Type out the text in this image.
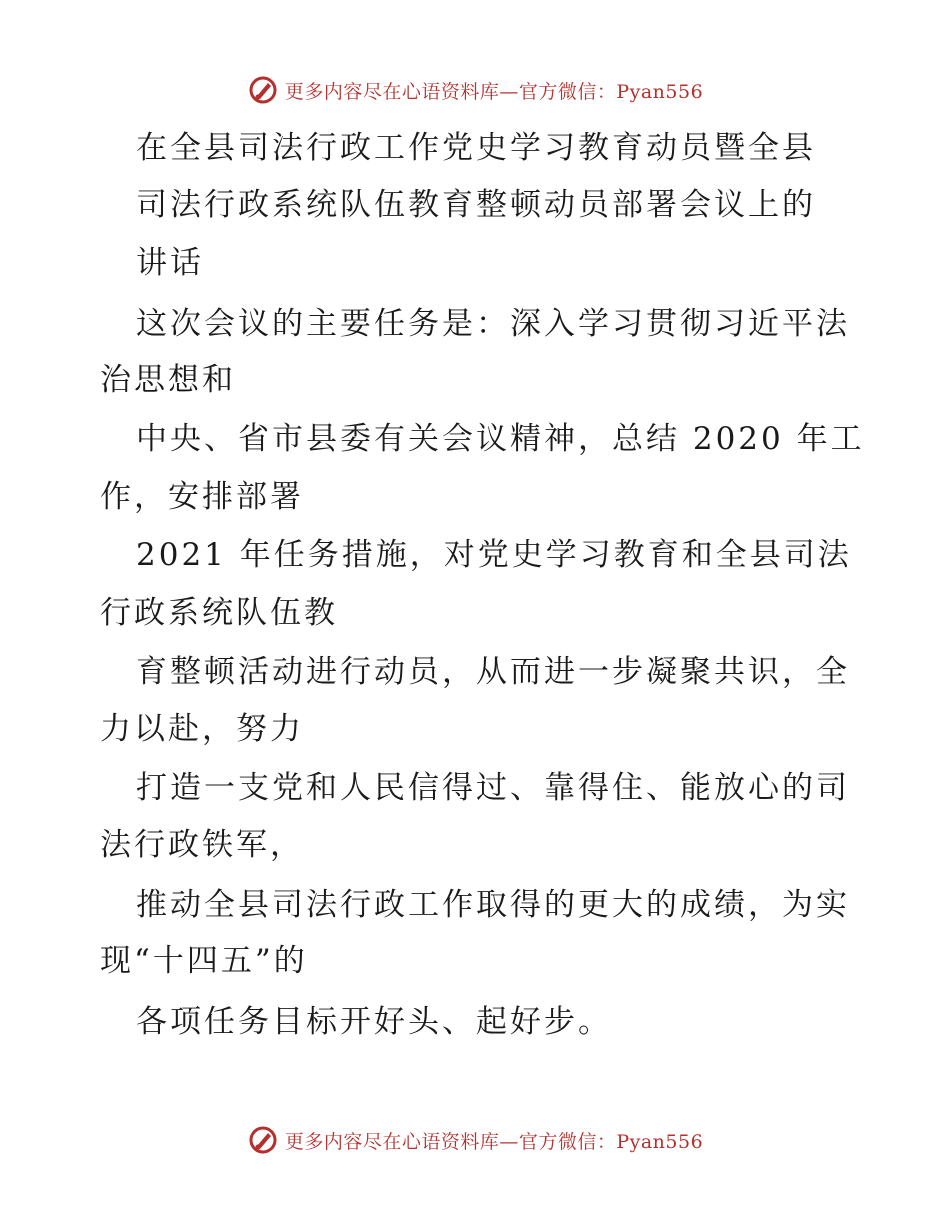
更多内容尽在心语资料库—官方微信：Pyan556
在全县司法行政工作党史学习教育动员暨全县
司法行政系统队伍教育整顿动员部署会议上的
讲话
这次会议的主要任务是：深入学习贯彻习近平法
治思想和
中央、省市县委有关会议精神，总结 2020 年工
作，安排部署
2021 年任务措施，对党史学习教育和全县司法
行政系统队伍教
育整顿活动进行动员，从而进一步凝聚共识，全
力以赴，努力
打造一支党和人民信得过、靠得住、能放心的司
法行政铁军，
推动全县司法行政工作取得的更大的成绩，为实
现“十四五”的
各项任务目标开好头、起好步。
更多内容尽在心语资料库—官方微信：Pyan556
